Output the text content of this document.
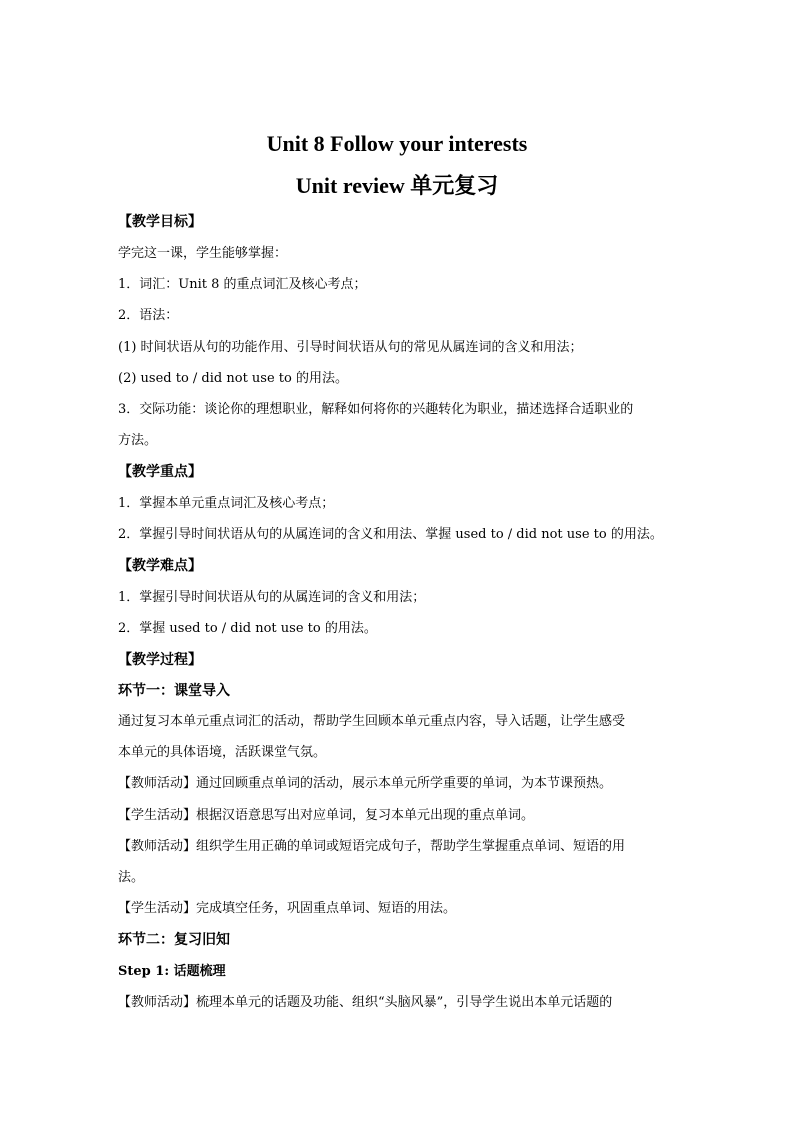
Unit 8 Follow your interests
Unit review 单元复习
【教学目标】
学完这一课，学生能够掌握：
1．词汇：Unit 8 的重点词汇及核心考点；
2．语法：
(1) 时间状语从句的功能作用、引导时间状语从句的常见从属连词的含义和用法；
(2) used to / did not use to 的用法。
3．交际功能：谈论你的理想职业，解释如何将你的兴趣转化为职业，描述选择合适职业的
方法。
【教学重点】
1．掌握本单元重点词汇及核心考点；
2．掌握引导时间状语从句的从属连词的含义和用法、掌握 used to / did not use to 的用法。
【教学难点】
1．掌握引导时间状语从句的从属连词的含义和用法；
2．掌握 used to / did not use to 的用法。
【教学过程】
环节一：课堂导入
通过复习本单元重点词汇的活动，帮助学生回顾本单元重点内容，导入话题，让学生感受
本单元的具体语境，活跃课堂气氛。
【教师活动】通过回顾重点单词的活动，展示本单元所学重要的单词，为本节课预热。
【学生活动】根据汉语意思写出对应单词，复习本单元出现的重点单词。
【教师活动】组织学生用正确的单词或短语完成句子，帮助学生掌握重点单词、短语的用
法。
【学生活动】完成填空任务，巩固重点单词、短语的用法。
环节二：复习旧知
Step 1: 话题梳理
【教师活动】梳理本单元的话题及功能、组织“头脑风暴”，引导学生说出本单元话题的
